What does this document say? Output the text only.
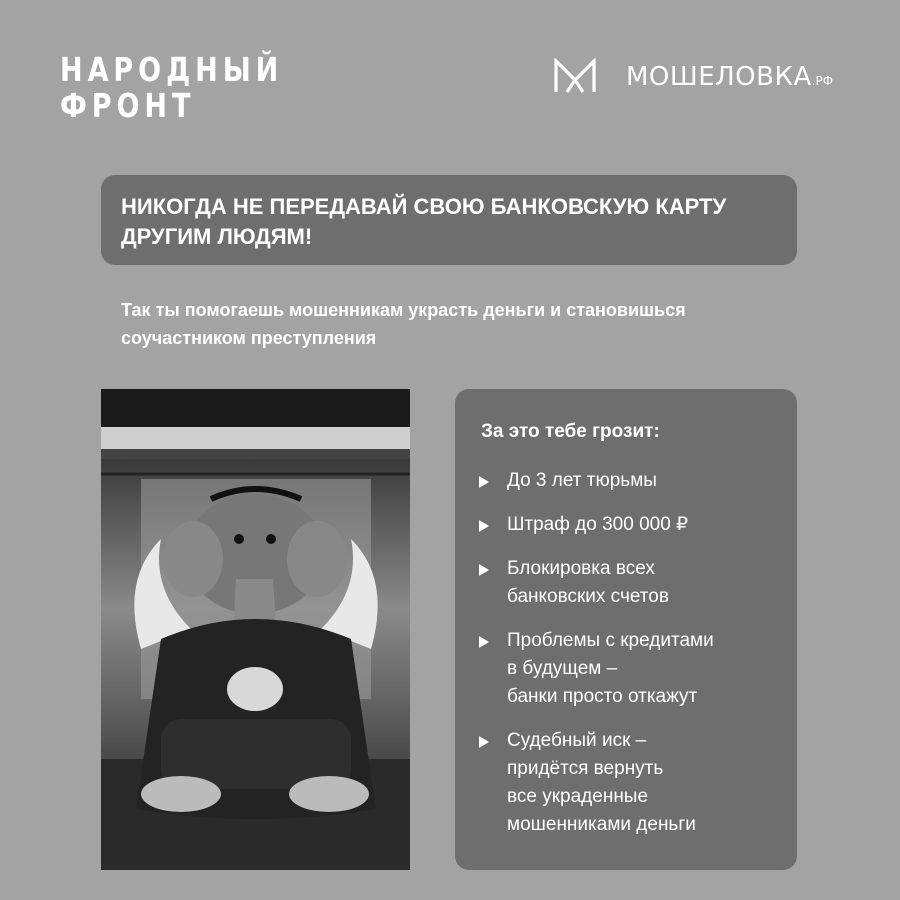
НАРОДНЫЙ
ФРОНТ
МОШЕЛОВКА.РФ
НИКОГДА НЕ ПЕРЕДАВАЙ СВОЮ БАНКОВСКУЮ КАРТУ ДРУГИМ ЛЮДЯМ!
Так ты помогаешь мошенникам украсть деньги и становишься соучастником преступления
За это тебе грозит:
До 3 лет тюрьмы
Штраф до 300 000 ₽
Блокировка всех
банковских счетов
Проблемы с кредитами
в будущем –
банки просто откажут
Судебный иск –
придётся вернуть
все украденные
мошенниками деньги
